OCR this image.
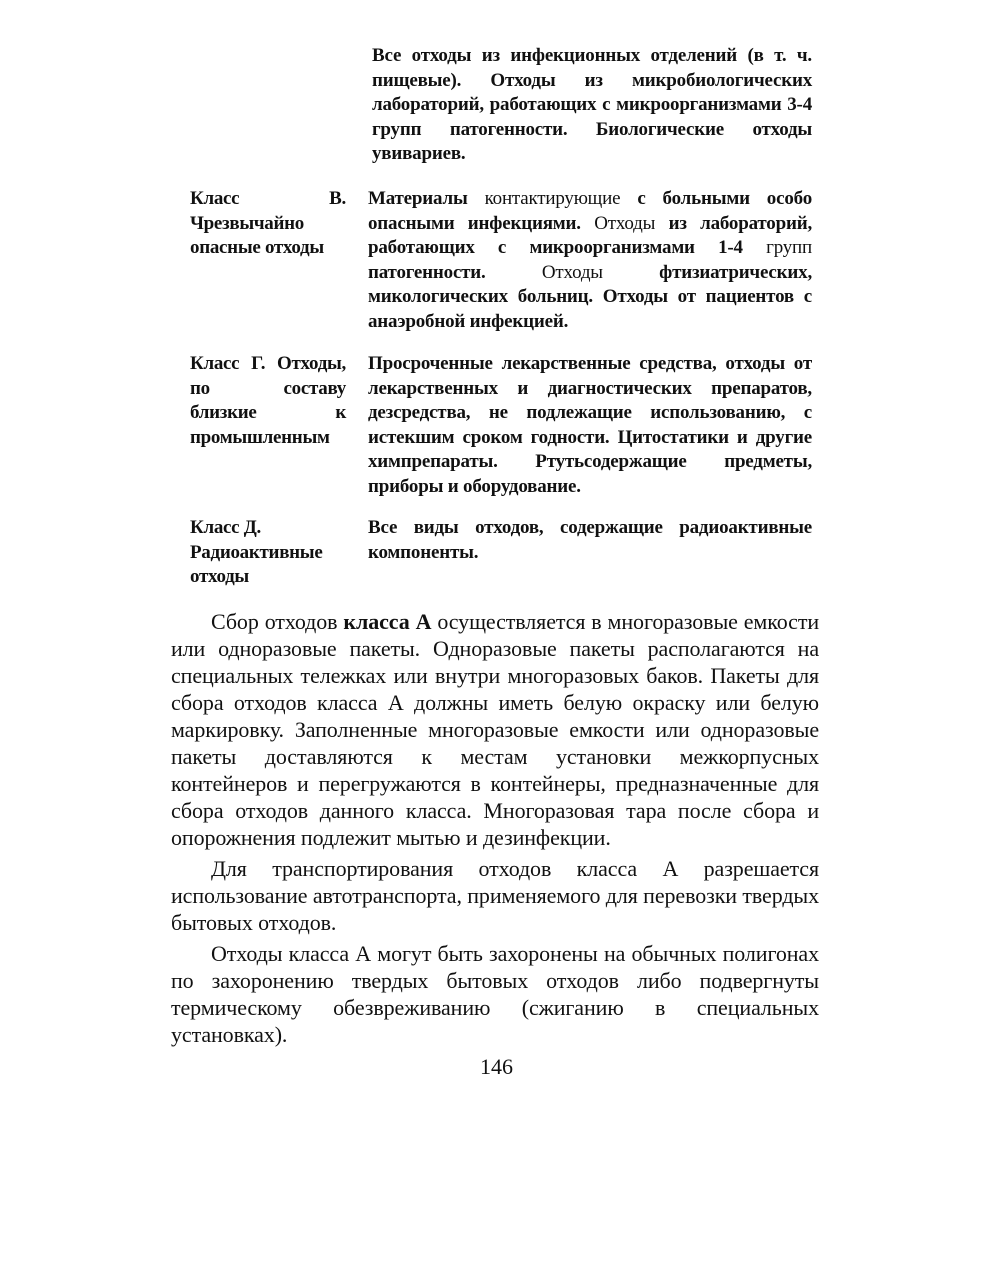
Все отходы из инфекционных отделений (в т. ч. пищевые). Отходы из микробиологических лабораторий, работающих с микроорганизмами 3-4 групп патогенности. Биологические отходы увивариев.
Класс В. Чрезвычайно опасные отходы
Материалы контактирующие с больными особо опасными инфекциями. Отходы из лабораторий, работающих с микроорганизмами 1-4 групп патогенности. Отходы фтизиатрических, микологических больниц. Отходы от пациентов с анаэробной инфекцией.
Класс Г. Отходы, по составу близкие к промышленным
Просроченные лекарственные средства, отходы от лекарственных и диагностических препаратов, дезсредства, не подлежащие использованию, с истекшим сроком годности. Цитостатики и другие химпрепараты. Ртутьсодержащие предметы, приборы и оборудование.
Класс Д.
Радиоактивные
отходы
Все виды отходов, содержащие радиоактивные компоненты.

Сбор отходов класса А осуществляется в многоразовые емкости или одноразовые пакеты. Одноразовые пакеты располагаются на специальных тележках или внутри многоразовых баков. Пакеты для сбора отходов класса А должны иметь белую окраску или белую маркировку. Заполненные многоразовые емкости или одноразовые пакеты доставляются к местам установки межкорпусных контейнеров и перегружаются в контейнеры, предназначенные для сбора отходов данного класса. Многоразовая тара после сбора и опорожнения подлежит мытью и дезинфекции.

Для транспортирования отходов класса А разрешается использование автотранспорта, применяемого для перевозки твердых бытовых отходов.

Отходы класса А могут быть захоронены на обычных полигонах по захоронению твердых бытовых отходов либо подвергнуты термическому обезвреживанию (сжиганию в специальных установках).

146
